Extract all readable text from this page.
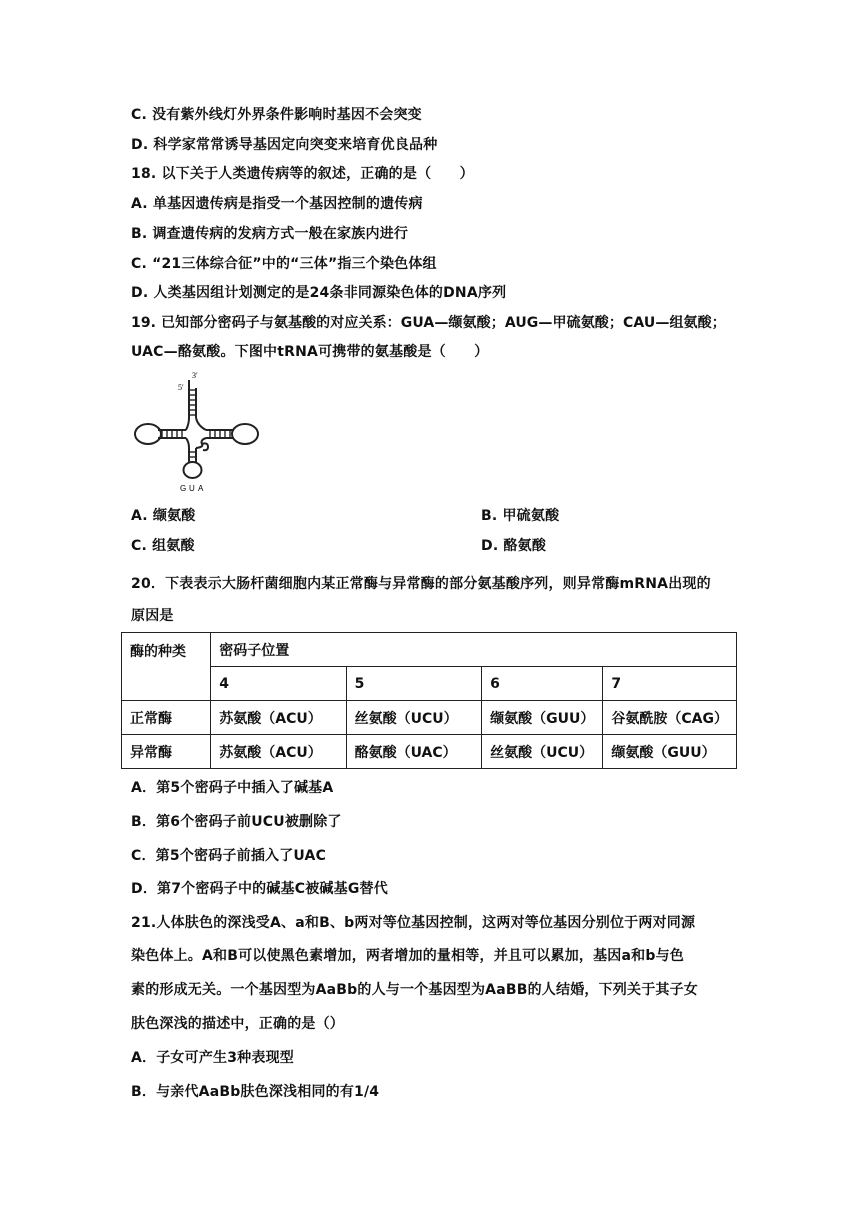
C. 没有紫外线灯外界条件影响时基因不会突变
D. 科学家常常诱导基因定向突变来培育优良品种
18. 以下关于人类遗传病等的叙述，正确的是（　　）
A. 单基因遗传病是指受一个基因控制的遗传病
B. 调查遗传病的发病方式一般在家族内进行
C. “21三体综合征”中的“三体”指三个染色体组
D. 人类基因组计划测定的是24条非同源染色体的DNA序列
19. 已知部分密码子与氨基酸的对应关系：GUA—缬氨酸；AUG—甲硫氨酸；CAU—组氨酸；
UAC—酪氨酸。下图中tRNA可携带的氨基酸是（　　）
3′
5′
G U A
A. 缬氨酸	B. 甲硫氨酸
C. 组氨酸	D. 酪氨酸
20．下表表示大肠杆菌细胞内某正常酶与异常酶的部分氨基酸序列，则异常酶mRNA出现的
原因是
酶的种类	密码子位置			
	4	5	6	7
正常酶	苏氨酸（ACU）	丝氨酸（UCU）	缬氨酸（GUU）	谷氨酰胺（CAG）
异常酶	苏氨酸（ACU）	酪氨酸（UAC）	丝氨酸（UCU）	缬氨酸（GUU）
A．第5个密码子中插入了碱基A
B．第6个密码子前UCU被删除了
C．第5个密码子前插入了UAC
D．第7个密码子中的碱基C被碱基G替代
21.人体肤色的深浅受A、a和B、b两对等位基因控制，这两对等位基因分别位于两对同源
染色体上。A和B可以使黑色素增加，两者增加的量相等，并且可以累加，基因a和b与色
素的形成无关。一个基因型为AaBb的人与一个基因型为AaBB的人结婚，下列关于其子女
肤色深浅的描述中，正确的是（）
A．子女可产生3种表现型
B．与亲代AaBb肤色深浅相同的有1/4
